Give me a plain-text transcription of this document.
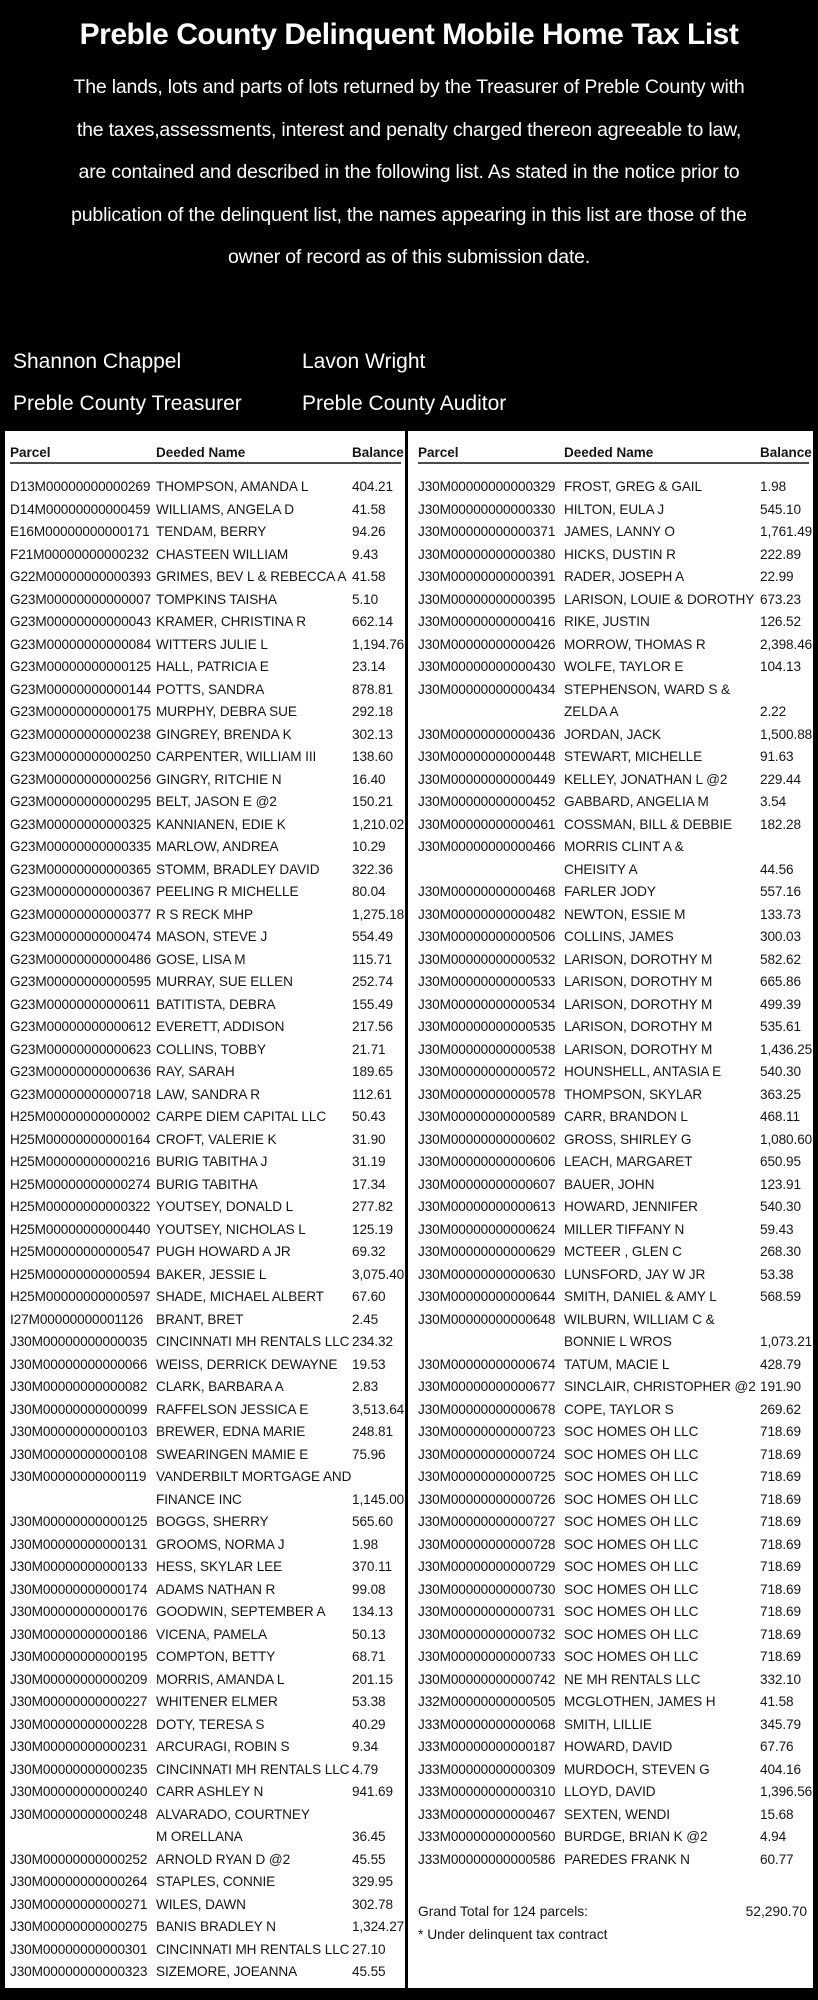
Preble County Delinquent Mobile Home Tax List
The lands, lots and parts of lots returned by the Treasurer of Preble County with
the taxes,assessments, interest and penalty charged thereon agreeable to law,
are contained and described in the following list. As stated in the notice prior to
publication of the delinquent list, the names appearing in this list are those of the
owner of record as of this submission date.
Shannon Chappel
Preble County Treasurer
Lavon Wright
Preble County Auditor
Parcel	Deeded Name	Balance
D13M00000000000269 THOMPSON, AMANDA L	404.21
D14M00000000000459 WILLIAMS, ANGELA D	41.58
E16M00000000000171 TENDAM, BERRY	94.26
F21M00000000000232 CHASTEEN WILLIAM	9.43
G22M00000000000393 GRIMES, BEV L & REBECCA A 41.58
G23M00000000000007 TOMPKINS TAISHA	5.10
G23M00000000000043 KRAMER, CHRISTINA R	662.14
G23M00000000000084 WITTERS JULIE L	1,194.76
G23M00000000000125 HALL, PATRICIA E	23.14
G23M00000000000144 POTTS, SANDRA	878.81
G23M00000000000175 MURPHY, DEBRA SUE	292.18
G23M00000000000238 GINGREY, BRENDA K	302.13
G23M00000000000250 CARPENTER, WILLIAM III	138.60
G23M00000000000256 GINGRY, RITCHIE N	16.40
G23M00000000000295 BELT, JASON E @2	150.21
G23M00000000000325 KANNIANEN, EDIE K	1,210.02
G23M00000000000335 MARLOW, ANDREA	10.29
G23M00000000000365 STOMM, BRADLEY DAVID	322.36
G23M00000000000367 PEELING R MICHELLE	80.04
G23M00000000000377 R S RECK MHP	1,275.18
G23M00000000000474 MASON, STEVE J	554.49
G23M00000000000486 GOSE, LISA M	115.71
G23M00000000000595 MURRAY, SUE ELLEN	252.74
G23M00000000000611 BATITISTA, DEBRA	155.49
G23M00000000000612 EVERETT, ADDISON	217.56
G23M00000000000623 COLLINS, TOBBY	21.71
G23M00000000000636 RAY, SARAH	189.65
G23M00000000000718 LAW, SANDRA R	112.61
H25M00000000000002 CARPE DIEM CAPITAL LLC	50.43
H25M00000000000164 CROFT, VALERIE K	31.90
H25M00000000000216 BURIG TABITHA J	31.19
H25M00000000000274 BURIG TABITHA	17.34
H25M00000000000322 YOUTSEY, DONALD L	277.82
H25M00000000000440 YOUTSEY, NICHOLAS L	125.19
H25M00000000000547 PUGH HOWARD A JR	69.32
H25M00000000000594 BAKER, JESSIE L	3,075.40
H25M00000000000597 SHADE, MICHAEL ALBERT	67.60
I27M00000000001126 BRANT, BRET	2.45
J30M00000000000035 CINCINNATI MH RENTALS LLC 234.32
J30M00000000000066 WEISS, DERRICK DEWAYNE	19.53
J30M00000000000082 CLARK, BARBARA A	2.83
J30M00000000000099 RAFFELSON JESSICA E	3,513.64
J30M00000000000103 BREWER, EDNA MARIE	248.81
J30M00000000000108 SWEARINGEN MAMIE E	75.96
J30M00000000000119 VANDERBILT MORTGAGE AND
FINANCE INC	1,145.00
J30M00000000000125 BOGGS, SHERRY	565.60
J30M00000000000131 GROOMS, NORMA J	1.98
J30M00000000000133 HESS, SKYLAR LEE	370.11
J30M00000000000174 ADAMS NATHAN R	99.08
J30M00000000000176 GOODWIN, SEPTEMBER A	134.13
J30M00000000000186 VICENA, PAMELA	50.13
J30M00000000000195 COMPTON, BETTY	68.71
J30M00000000000209 MORRIS, AMANDA L	201.15
J30M00000000000227 WHITENER ELMER	53.38
J30M00000000000228 DOTY, TERESA S	40.29
J30M00000000000231 ARCURAGI, ROBIN S	9.34
J30M00000000000235 CINCINNATI MH RENTALS LLC 4.79
J30M00000000000240 CARR ASHLEY N	941.69
J30M00000000000248 ALVARADO, COURTNEY
M ORELLANA	36.45
J30M00000000000252 ARNOLD RYAN D @2	45.55
J30M00000000000264 STAPLES, CONNIE	329.95
J30M00000000000271 WILES, DAWN	302.78
J30M00000000000275 BANIS BRADLEY N	1,324.27
J30M00000000000301 CINCINNATI MH RENTALS LLC 27.10
J30M00000000000323 SIZEMORE, JOEANNA	45.55
Parcel	Deeded Name	Balance
J30M00000000000329 FROST, GREG & GAIL	1.98
J30M00000000000330 HILTON, EULA J	545.10
J30M00000000000371 JAMES, LANNY O	1,761.49
J30M00000000000380 HICKS, DUSTIN R	222.89
J30M00000000000391 RADER, JOSEPH A	22.99
J30M00000000000395 LARISON, LOUIE & DOROTHY 673.23
J30M00000000000416 RIKE, JUSTIN	126.52
J30M00000000000426 MORROW, THOMAS R	2,398.46
J30M00000000000430 WOLFE, TAYLOR E	104.13
J30M00000000000434 STEPHENSON, WARD S &
ZELDA A	2.22
J30M00000000000436 JORDAN, JACK	1,500.88
J30M00000000000448 STEWART, MICHELLE	91.63
J30M00000000000449 KELLEY, JONATHAN L @2	229.44
J30M00000000000452 GABBARD, ANGELIA M	3.54
J30M00000000000461 COSSMAN, BILL & DEBBIE	182.28
J30M00000000000466 MORRIS CLINT A &
CHEISITY A	44.56
J30M00000000000468 FARLER JODY	557.16
J30M00000000000482 NEWTON, ESSIE M	133.73
J30M00000000000506 COLLINS, JAMES	300.03
J30M00000000000532 LARISON, DOROTHY M	582.62
J30M00000000000533 LARISON, DOROTHY M	665.86
J30M00000000000534 LARISON, DOROTHY M	499.39
J30M00000000000535 LARISON, DOROTHY M	535.61
J30M00000000000538 LARISON, DOROTHY M	1,436.25
J30M00000000000572 HOUNSHELL, ANTASIA E	540.30
J30M00000000000578 THOMPSON, SKYLAR	363.25
J30M00000000000589 CARR, BRANDON L	468.11
J30M00000000000602 GROSS, SHIRLEY G	1,080.60
J30M00000000000606 LEACH, MARGARET	650.95
J30M00000000000607 BAUER, JOHN	123.91
J30M00000000000613 HOWARD, JENNIFER	540.30
J30M00000000000624 MILLER TIFFANY N	59.43
J30M00000000000629 MCTEER , GLEN C	268.30
J30M00000000000630 LUNSFORD, JAY W JR	53.38
J30M00000000000644 SMITH, DANIEL & AMY L	568.59
J30M00000000000648 WILBURN, WILLIAM C &
BONNIE L WROS	1,073.21
J30M00000000000674 TATUM, MACIE L	428.79
J30M00000000000677 SINCLAIR, CHRISTOPHER @2 191.90
J30M00000000000678 COPE, TAYLOR S	269.62
J30M00000000000723 SOC HOMES OH LLC	718.69
J30M00000000000724 SOC HOMES OH LLC	718.69
J30M00000000000725 SOC HOMES OH LLC	718.69
J30M00000000000726 SOC HOMES OH LLC	718.69
J30M00000000000727 SOC HOMES OH LLC	718.69
J30M00000000000728 SOC HOMES OH LLC	718.69
J30M00000000000729 SOC HOMES OH LLC	718.69
J30M00000000000730 SOC HOMES OH LLC	718.69
J30M00000000000731 SOC HOMES OH LLC	718.69
J30M00000000000732 SOC HOMES OH LLC	718.69
J30M00000000000733 SOC HOMES OH LLC	718.69
J30M00000000000742 NE MH RENTALS LLC	332.10
J32M00000000000505 MCGLOTHEN, JAMES H	41.58
J33M00000000000068 SMITH, LILLIE	345.79
J33M00000000000187 HOWARD, DAVID	67.76
J33M00000000000309 MURDOCH, STEVEN G	404.16
J33M00000000000310 LLOYD, DAVID	1,396.56
J33M00000000000467 SEXTEN, WENDI	15.68
J33M00000000000560 BURDGE, BRIAN K @2	4.94
J33M00000000000586 PAREDES FRANK N	60.77
Grand Total for 124 parcels:	52,290.70
* Under delinquent tax contract
